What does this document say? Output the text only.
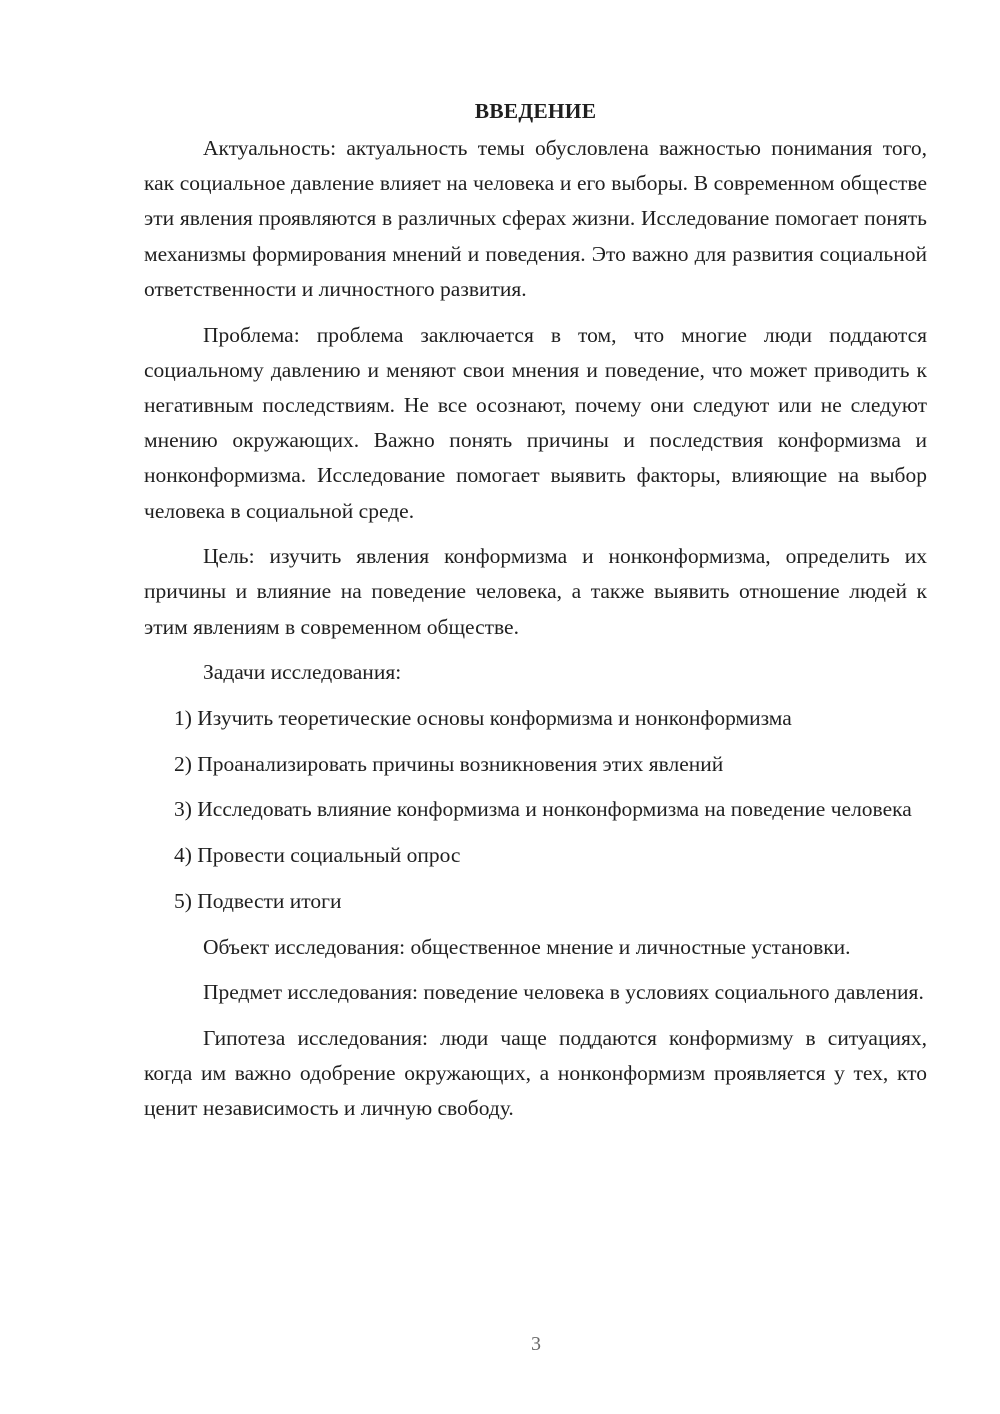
ВВЕДЕНИЕ

Актуальность: актуальность темы обусловлена важностью понимания того, как социальное давление влияет на человека и его выборы. В современном обществе эти явления проявляются в различных сферах жизни. Исследование помогает понять механизмы формирования мнений и поведения. Это важно для развития социальной ответственности и личностного развития.

Проблема: проблема заключается в том, что многие люди поддаются социальному давлению и меняют свои мнения и поведение, что может приводить к негативным последствиям. Не все осознают, почему они следуют или не следуют мнению окружающих. Важно понять причины и последствия конформизма и нонконформизма. Исследование помогает выявить факторы, влияющие на выбор человека в социальной среде.

Цель: изучить явления конформизма и нонконформизма, определить их причины и влияние на поведение человека, а также выявить отношение людей к этим явлениям в современном обществе.

Задачи исследования:

1) Изучить теоретические основы конформизма и нонконформизма

2) Проанализировать причины возникновения этих явлений

3) Исследовать влияние конформизма и нонконформизма на поведение человека

4) Провести социальный опрос

5) Подвести итоги

Объект исследования: общественное мнение и личностные установки.

Предмет исследования: поведение человека в условиях социального давления.

Гипотеза исследования: люди чаще поддаются конформизму в ситуациях, когда им важно одобрение окружающих, а нонконформизм проявляется у тех, кто ценит независимость и личную свободу.

3
